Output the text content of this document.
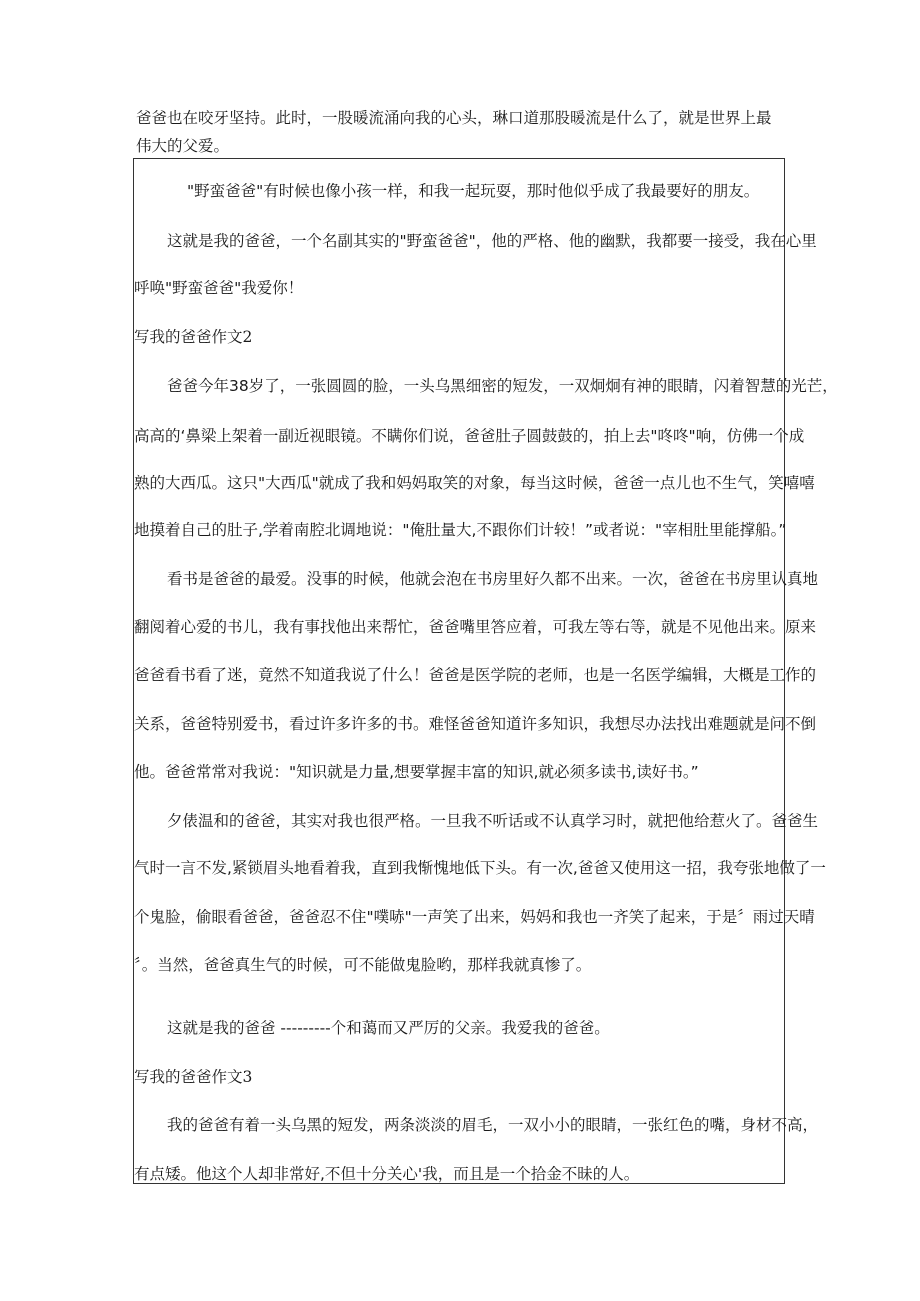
爸爸也在咬牙坚持。此时，一股暖流涌向我的心头，琳口道那股暖流是什么了，就是世界上最伟大的父爱。

"野蛮爸爸"有时候也像小孩一样，和我一起玩耍，那时他似乎成了我最要好的朋友。

这就是我的爸爸，一个名副其实的"野蛮爸爸"，他的严格、他的幽默，我都要一接受，我在心里

呼唤"野蛮爸爸"我爱你！

写我的爸爸作文2

爸爸今年38岁了，一张圆圆的脸，一头乌黑细密的短发，一双炯炯有神的眼睛，闪着智慧的光芒，

高高的‘鼻梁上架着一副近视眼镜。不瞒你们说，爸爸肚子圆鼓鼓的，拍上去"咚咚"响，仿佛一个成

熟的大西瓜。这只"大西瓜"就成了我和妈妈取笑的对象，每当这时候，爸爸一点儿也不生气，笑嘻嘻

地摸着自己的肚子,学着南腔北调地说："俺肚量大,不跟你们计较！”或者说："宰相肚里能撑船。”

看书是爸爸的最爱。没事的时候，他就会泡在书房里好久都不出来。一次，爸爸在书房里认真地

翻阅着心爱的书儿，我有事找他出来帮忙，爸爸嘴里答应着，可我左等右等，就是不见他出来。原来

爸爸看书看了迷，竟然不知道我说了什么！爸爸是医学院的老师，也是一名医学编辑，大概是工作的

关系，爸爸特别爱书，看过许多许多的书。难怪爸爸知道许多知识，我想尽办法找出难题就是问不倒

他。爸爸常常对我说："知识就是力量,想要掌握丰富的知识,就必须多读书,读好书。”

夕俵温和的爸爸，其实对我也很严格。一旦我不听话或不认真学习时，就把他给惹火了。爸爸生

气时一言不发,紧锁眉头地看着我，直到我惭愧地低下头。有一次,爸爸又使用这一招，我夸张地做了一

个鬼脸，偷眼看爸爸，爸爸忍不住"噗哧"一声笑了出来，妈妈和我也一齐笑了起来，于是〞雨过天晴

〞。当然，爸爸真生气的时候，可不能做鬼脸哟，那样我就真惨了。

这就是我的爸爸 ---------个和蔼而又严厉的父亲。我爱我的爸爸。

写我的爸爸作文3

我的爸爸有着一头乌黑的短发，两条淡淡的眉毛，一双小小的眼睛，一张红色的嘴，身材不高，

有点矮。他这个人却非常好,不但十分关心'我，而且是一个拾金不昧的人。
